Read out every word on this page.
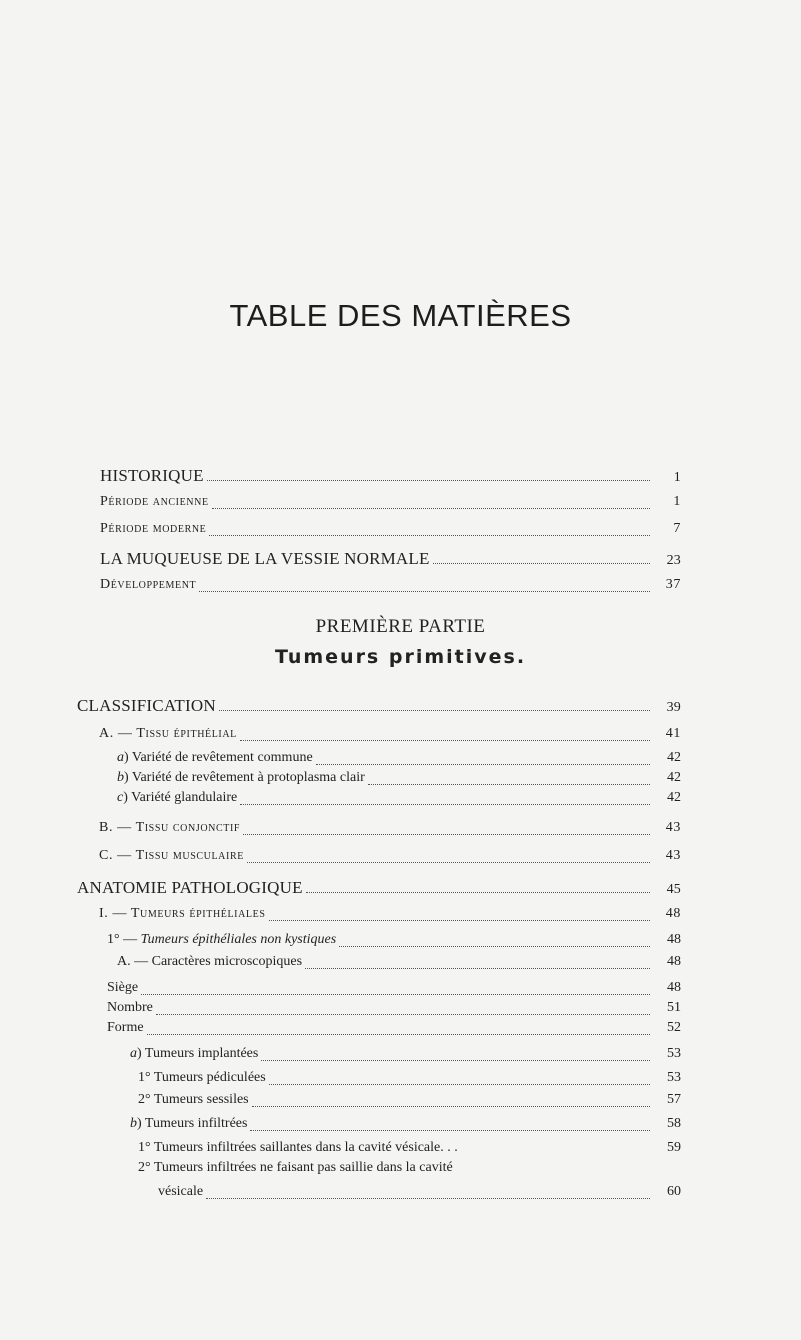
TABLE DES MATIÈRES
HISTORIQUE	1
Période ancienne	1
Période moderne	7
LA MUQUEUSE DE LA VESSIE NORMALE	23
Développement	37
PREMIÈRE PARTIE
Tumeurs primitives.
CLASSIFICATION	39
A. — Tissu épithélial	41
a) Variété de revêtement commune	42
b) Variété de revêtement à protoplasma clair	42
c) Variété glandulaire	42
B. — Tissu conjonctif	43
C. — Tissu musculaire	43
ANATOMIE PATHOLOGIQUE	45
I. — Tumeurs épithéliales	48
1° — Tumeurs épithéliales non kystiques	48
A. — Caractères microscopiques	48
Siège	48
Nombre	51
Forme	52
a) Tumeurs implantées	53
1° Tumeurs pédiculées	53
2° Tumeurs sessiles	57
b) Tumeurs infiltrées	58
1° Tumeurs infiltrées saillantes dans la cavité vésicale. . .	59
2° Tumeurs infiltrées ne faisant pas saillie dans la cavité
vésicale	60
